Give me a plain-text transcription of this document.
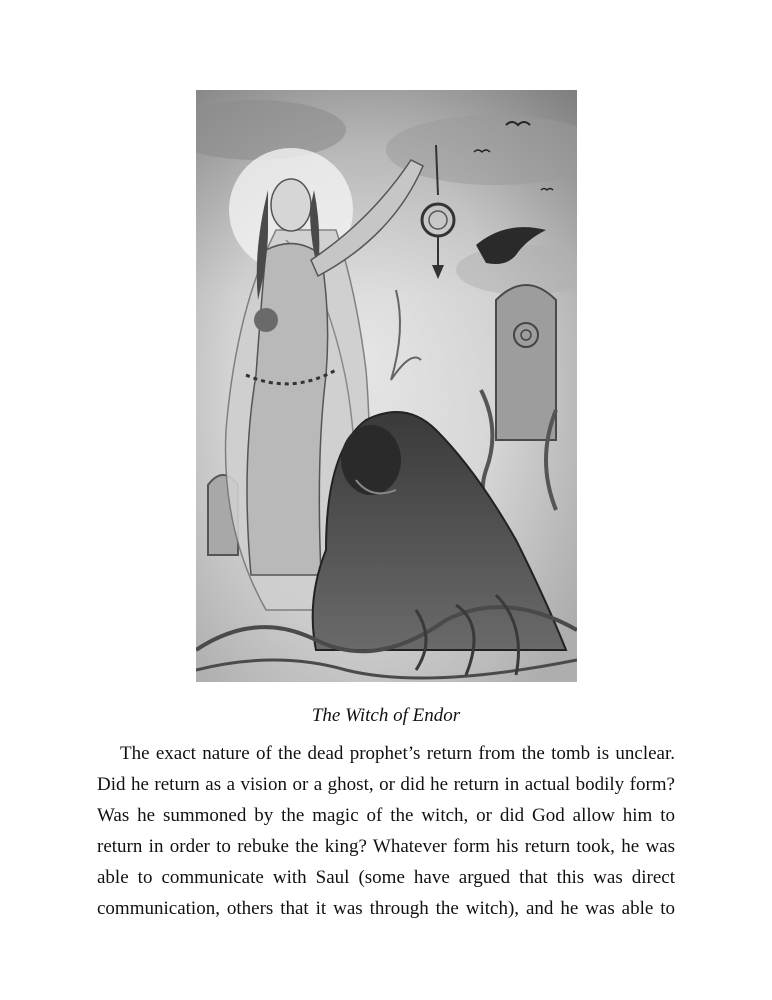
The Witch of Endor
The exact nature of the dead prophet’s return from the tomb is unclear.
Did he return as a vision or a ghost, or did he return in actual bodily form?
Was he summoned by the magic of the witch, or did God allow him to
return in order to rebuke the king? Whatever form his return took, he was
able to communicate with Saul (some have argued that this was direct
communication, others that it was through the witch), and he was able to
